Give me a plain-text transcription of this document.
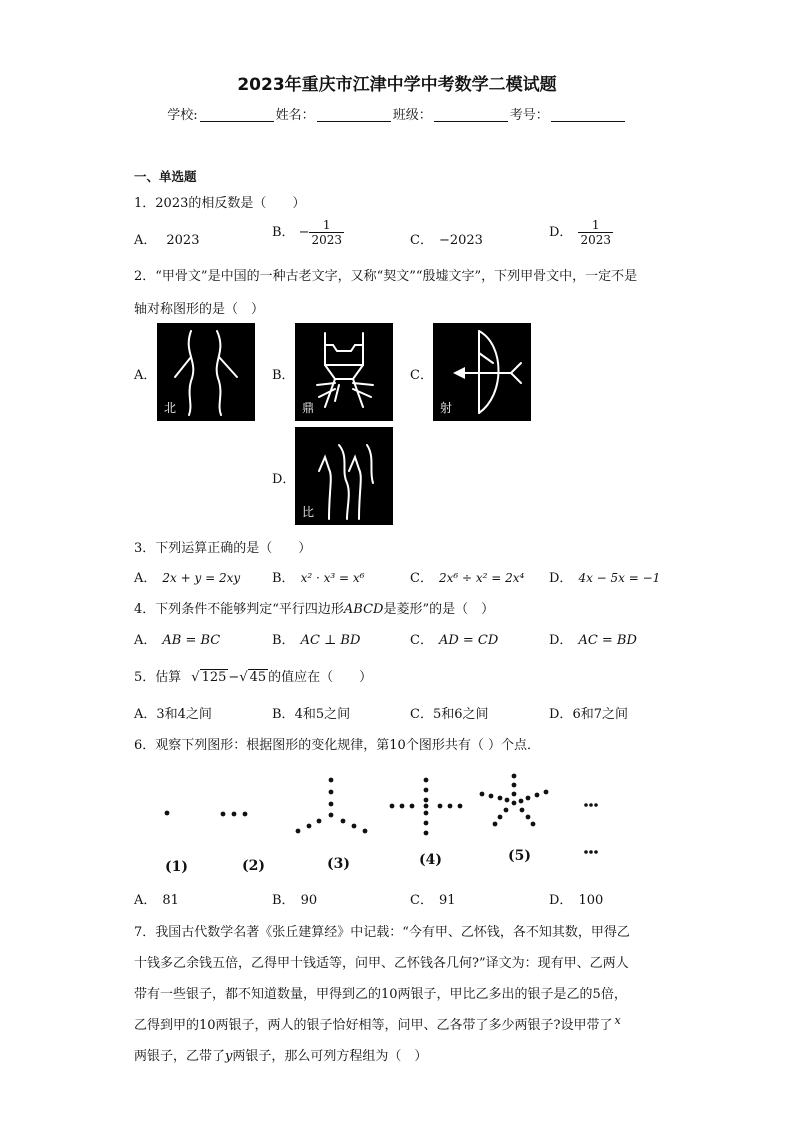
2023年重庆市江津中学中考数学二模试题
学校:	姓名：	班级：	考号：
一、单选题
1．2023的相反数是（　　）
A． 2023
B． − $\frac{1}{2023}$	C． −2023
D． $\frac{1}{2023}$
2．“甲骨文”是中国的一种古老文字，又称“契文”“殷墟文字”，下列甲骨文中，一定不是
轴对称图形的是（　）
A．
北
B．
鼎
C．
射
D．
比
3．下列运算正确的是（　　）
A． 2x + y = 2xy B． x² · x³ = x⁶	C． 2x⁶ ÷ x² = 2x⁴ D． 4x − 5x = −1
4．下列条件不能够判定“平行四边形ABCD是菱形”的是（　）
A． AB = BC	B． AC ⊥ BD	C． AD = CD	D． AC = BD
5．估算 √ 125 −√ 45 的值应在（　　）
A．3和4之间	B．4和5之间	C．5和6之间	D．6和7之间
6．观察下列图形：根据图形的变化规律，第10个图形共有（ ）个点．
(1)	(2)	(3)	(4)	(5)
A． 81	B． 90	C． 91	D． 100
7．我国古代数学名著《张丘建算经》中记载：“今有甲、乙怀钱，各不知其数，甲得乙
十钱多乙余钱五倍，乙得甲十钱适等，问甲、乙怀钱各几何?”译文为：现有甲、乙两人
带有一些银子，都不知道数量，甲得到乙的10两银子，甲比乙多出的银子是乙的5倍，
乙得到甲的10两银子，两人的银子恰好相等，问甲、乙各带了多少两银子?设甲带了 $^x$
两银子，乙带了y两银子，那么可列方程组为（　）
